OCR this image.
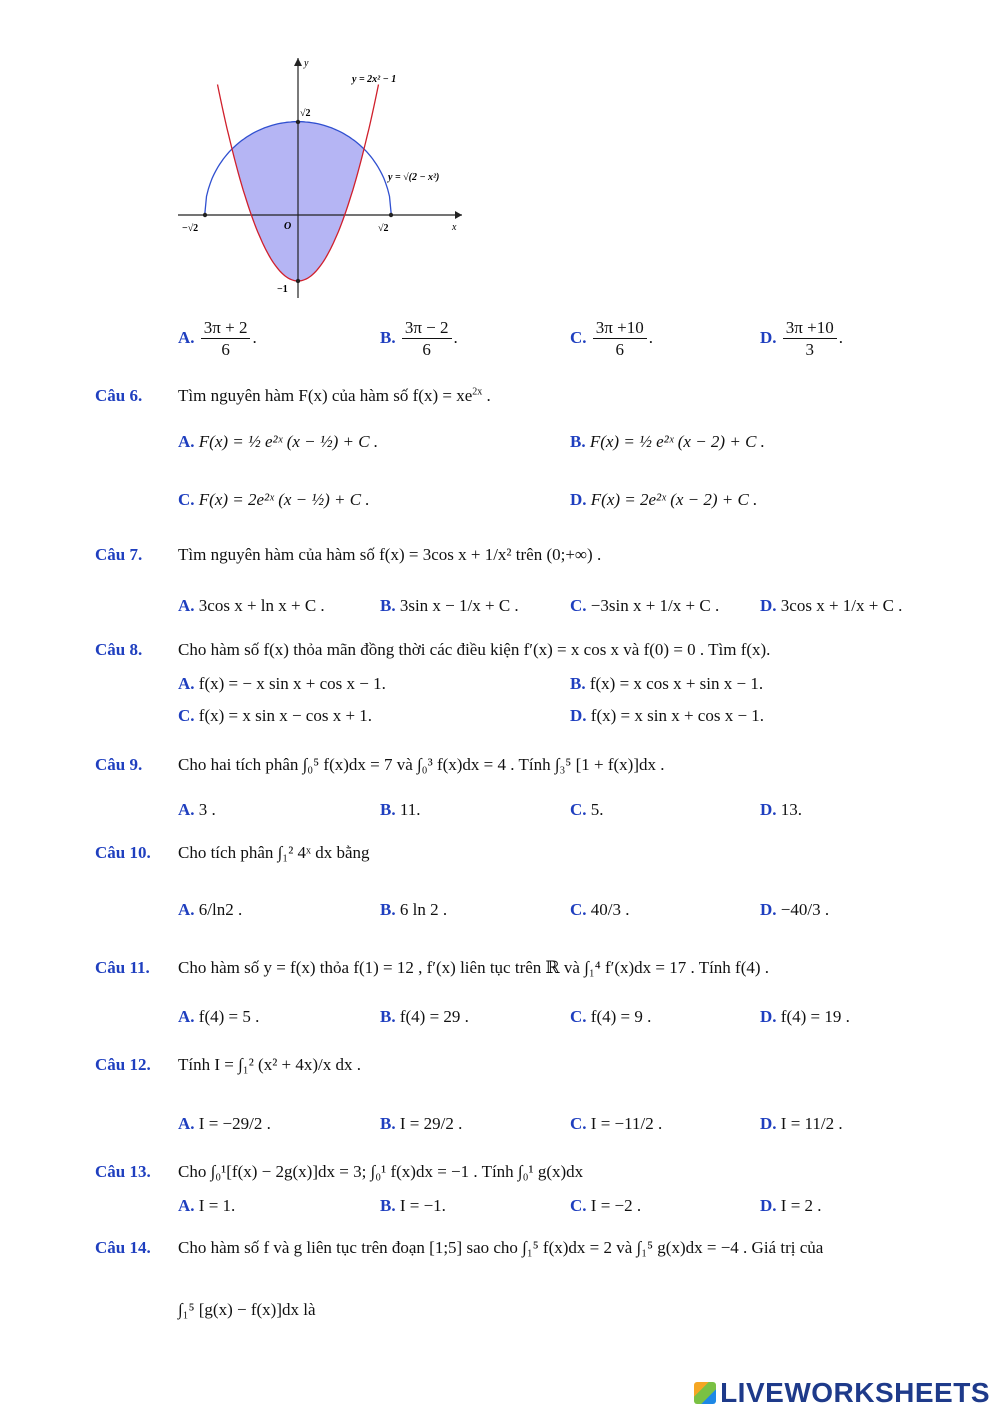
y
x
O
√2
−√2	√2
−1
y = 2x² − 1
y = √(2 − x²)
A. $\frac{3\pi + 2}{6}$ .	B. $\frac{3\pi - 2}{6}$ .	C. $\frac{3\pi +10}{6}$ .	D. $\frac{3\pi +10}{3}$ .
Câu 6. Tìm nguyên hàm F(x) của hàm số $f(x) = xe^{2x}$ .
A. F(x) = ½ e²ˣ (x − ½) + C .	B. F(x) = ½ e²ˣ (x − 2) + C .
C. F(x) = 2e²ˣ (x − ½) + C .	D. F(x) = 2e²ˣ (x − 2) + C .
Câu 7. Tìm nguyên hàm của hàm số f(x) = 3cos x + 1/x² trên (0;+∞) .
A. 3cos x + ln x + C .	B. 3sin x − 1/x + C .	C. −3sin x + 1/x + C . D. 3cos x + 1/x + C .
Câu 8. Cho hàm số f(x) thỏa mãn đồng thời các điều kiện f′(x) = x cos x và f(0) = 0 . Tìm f(x).
A. f(x) = − x sin x + cos x − 1.	B. f(x) = x cos x + sin x − 1.
C. f(x) = x sin x − cos x + 1.	D. f(x) = x sin x + cos x − 1.
Câu 9. Cho hai tích phân ∫₀⁵ f(x)dx = 7 và ∫₀³ f(x)dx = 4 . Tính ∫₃⁵ [1 + f(x)]dx .
A. 3 .	B. 11.	C. 5.	D. 13.
Câu 10. Cho tích phân ∫₁² 4ˣ dx bằng
A. 6/ln2 .	B. 6 ln 2 .	C. 40/3 .	D. −40/3 .
Câu 11. Cho hàm số y = f(x) thỏa f(1) = 12 , f′(x) liên tục trên ℝ và ∫₁⁴ f′(x)dx = 17 . Tính f(4) .
A. f(4) = 5 .	B. f(4) = 29 .	C. f(4) = 9 .	D. f(4) = 19 .
Câu 12. Tính I = ∫₁² (x² + 4x)/x dx .
A. I = −29/2 .	B. I = 29/2 .	C. I = −11/2 .	D. I = 11/2 .
Câu 13. Cho ∫₀¹[f(x) − 2g(x)]dx = 3; ∫₀¹ f(x)dx = −1 . Tính ∫₀¹ g(x)dx
A. I = 1.	B. I = −1.	C. I = −2 .	D. I = 2 .
Câu 14. Cho hàm số f và g liên tục trên đoạn [1;5] sao cho ∫₁⁵ f(x)dx = 2 và ∫₁⁵ g(x)dx = −4 . Giá trị của
∫₁⁵ [g(x) − f(x)]dx là
LIVEWORKSHEETS
